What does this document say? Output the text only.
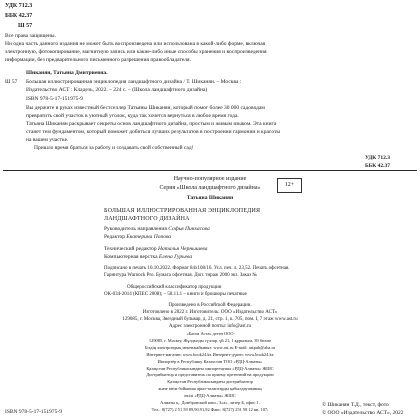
УДК 712.3
ББК 42.37
Ш 57
Все права защищены.
Ни одна часть данного издания не может быть воспроизведена или использована в какой-либо форме, включая
электронную, фотокопирование, магнитную запись или какие-либо иные способы хранения и воспроизведения
информации, без предварительного письменного разрешения правообладателя.
Шиканян, Татьяна Дмитриевна.
Ш 57 Большая иллюстрированная энциклопедия ландшафтного дизайна / Т. Шиканян. – Москва :
Издательство АСТ : Кладезь, 2022. – 224 с. – (Школа ландшафтного дизайна)
ISBN 978-5-17-151975-9
Вы держите в руках известный бестселлер Татьяны Шиканян, который помог более 30 000 садоводам
превратить свой участок в уютный уголок, куда так хочется вернуться в любое время года.
Татьяна Шиканян раскрывает секреты основ ландшафтного дизайна, простым и живым языком. Эта книга
станет тем фундаментом, который поможет добиться лучших результатов в построении гармонии и красоты
на вашем участке.
Пришло время браться за работу и создавать свой собственный сад!
УДК 712.3
ББК 42.37
Научно-популярное издание
Серия «Школа ландшафтного дизайна»
Татьяна Шиканян
12+
БОЛЬШАЯ ИЛЛЮСТРИРОВАННАЯ ЭНЦИКЛОПЕДИЯ
ЛАНДШАФТНОГО ДИЗАЙНА
Руководитель направления Софья Пинхасова
Редактор Екатерина Попова
Технический редактор Наталья Чернышева
Компьютерная верстка Елена Гурьева
Подписано в печать 10.10.2022. Формат 84x108/16. Усл. печ. л. 23,52. Печать офсетная.
Гарнитура Warnock Pro. Бумага офсетная. Доп. тираж 2000 экз. Заказ №
Общероссийский классификатор продукции
ОК-034-2014 (КПЕС 2008); – 58.11.1 – книги и брошюры печатные
Произведено в Российской Федерации.
Изготовлено в 2022 г. Изготовитель: ООО «Издательство АСТ»
129085, г. Москва, Звездный бульвар, д. 21, стр. 1, к. 705, пом. I, 7 этаж www.ast.ru
Адрес электронной почты: info@ast.ru
«Баспа Аста» деген ООО
129085, г. Мәскеу, Жұлдызды гүлзар, үй 21, 1 құрылым, 39 бөлме
Біздің электрондық мекенжайымыз: www.ast.ru E-mail: astpub@aha.ru
Интернет-магазин: www.book24.kz Интернет-дүкен: www.book24.kz
Импортёр в Республику Казахстан ТОО «РДЦ-Алматы»
Қазақстан Республикасындағы импорттаушы «РДЦ-Алматы» ЖШС
Дистрибьютор и представитель по приему претензий на продукцию
Қазақстан Республикасындағы дистрибьютор
және өнім бойынша арыз-талаптарды қабылдаушының
өкілі «РДЦ-Алматы» ЖШС
Алматы қ., Домбровский көш., 3«а», литер Б, офис 1.
Тел.: 8(727) 2 51 59 89,90,91,92 Факс: 8(727) 251 58 12 вн. 107;
ISBN 978-5-17-151975-9
© Шиканян Т.Д., текст, фото
© ООО «Издательство АСТ», 2022
